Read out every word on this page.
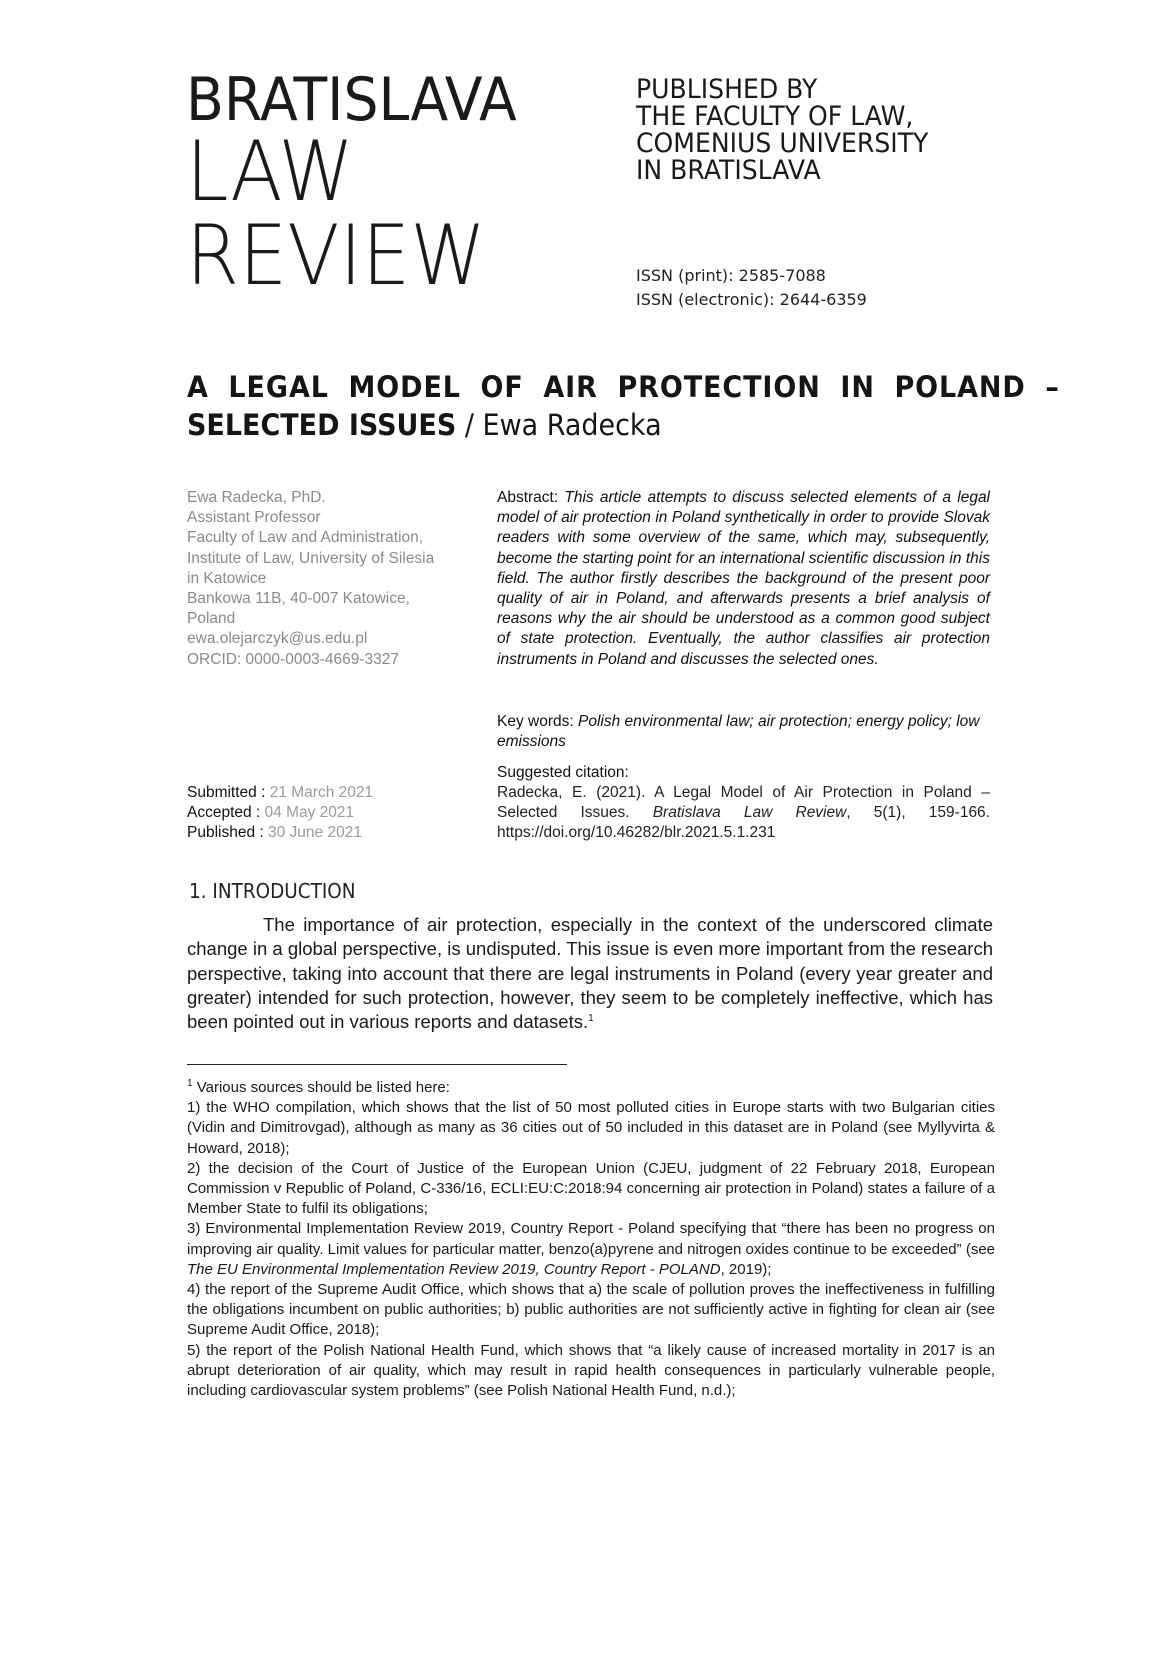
BRATISLAVA
LAW
REVIEW
PUBLISHED BY
THE FACULTY OF LAW,
COMENIUS UNIVERSITY
IN BRATISLAVA
ISSN (print): 2585-7088
ISSN (electronic): 2644-6359
A LEGAL MODEL OF AIR PROTECTION IN POLAND –
SELECTED ISSUES / Ewa Radecka
Ewa Radecka, PhD.
Assistant Professor
Faculty of Law and Administration,
Institute of Law, University of Silesia
in Katowice
Bankowa 11B, 40-007 Katowice,
Poland
ewa.olejarczyk@us.edu.pl
ORCID: 0000-0003-4669-3327
Abstract: This article attempts to discuss selected elements of a legal model of air protection in Poland synthetically in order to provide Slovak readers with some overview of the same, which may, subsequently, become the starting point for an international scientific discussion in this field. The author firstly describes the background of the present poor quality of air in Poland, and afterwards presents a brief analysis of reasons why the air should be understood as a common good subject of state protection. Eventually, the author classifies air protection instruments in Poland and discusses the selected ones.
Key words: Polish environmental law; air protection; energy policy; low emissions
Suggested citation:
Radecka, E. (2021). A Legal Model of Air Protection in Poland – Selected Issues. Bratislava Law Review, 5(1), 159-166. https://doi.org/10.46282/blr.2021.5.1.231
Submitted : 21 March 2021
Accepted : 04 May 2021
Published : 30 June 2021
1. INTRODUCTION
The importance of air protection, especially in the context of the underscored climate change in a global perspective, is undisputed. This issue is even more important from the research perspective, taking into account that there are legal instruments in Poland (every year greater and greater) intended for such protection, however, they seem to be completely ineffective, which has been pointed out in various reports and datasets.$^1$

$^1$ Various sources should be listed here:

1) the WHO compilation, which shows that the list of 50 most polluted cities in Europe starts with two Bulgarian cities (Vidin and Dimitrovgad), although as many as 36 cities out of 50 included in this dataset are in Poland (see Myllyvirta & Howard, 2018);

2) the decision of the Court of Justice of the European Union (CJEU, judgment of 22 February 2018, European Commission v Republic of Poland, C-336/16, ECLI:EU:C:2018:94 concerning air protection in Poland) states a failure of a Member State to fulfil its obligations;

3) Environmental Implementation Review 2019, Country Report - Poland specifying that “there has been no progress on improving air quality. Limit values for particular matter, benzo(a)pyrene and nitrogen oxides continue to be exceeded” (see The EU Environmental Implementation Review 2019, Country Report - POLAND, 2019);

4) the report of the Supreme Audit Office, which shows that a) the scale of pollution proves the ineffectiveness in fulfilling the obligations incumbent on public authorities; b) public authorities are not sufficiently active in fighting for clean air (see Supreme Audit Office, 2018);

5) the report of the Polish National Health Fund, which shows that “a likely cause of increased mortality in 2017 is an abrupt deterioration of air quality, which may result in rapid health consequences in particularly vulnerable people, including cardiovascular system problems” (see Polish National Health Fund, n.d.);
